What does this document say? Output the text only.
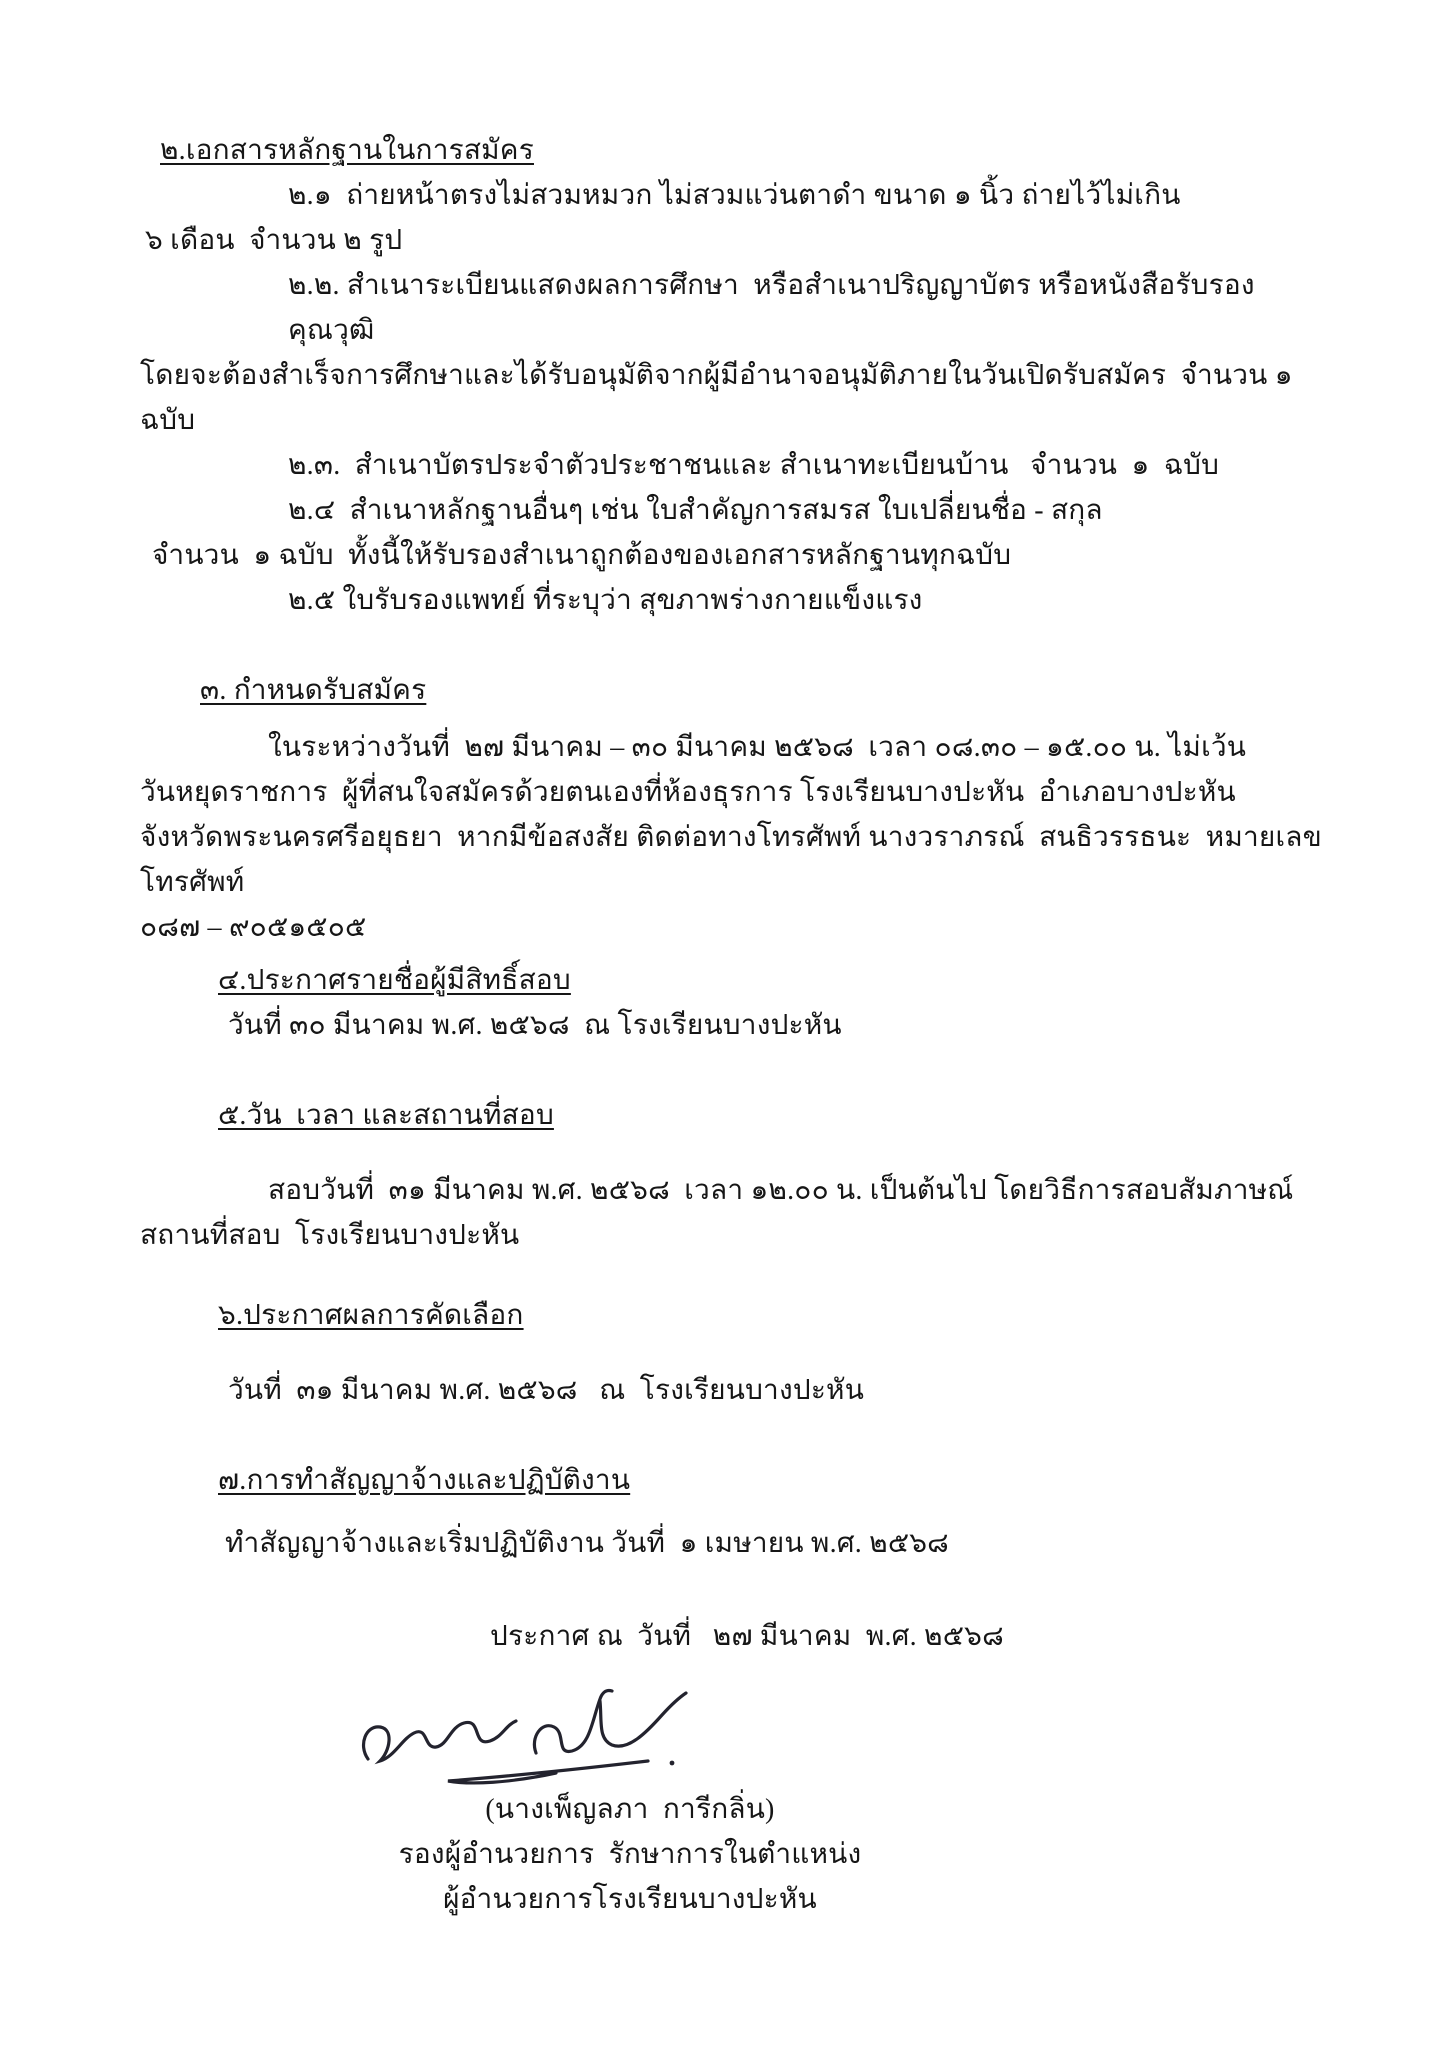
๒.เอกสารหลักฐานในการสมัคร
๒.๑  ถ่ายหน้าตรงไม่สวมหมวก ไม่สวมแว่นตาดำ ขนาด ๑ นิ้ว ถ่ายไว้ไม่เกิน
๖ เดือน  จำนวน ๒ รูป
๒.๒. สำเนาระเบียนแสดงผลการศึกษา  หรือสำเนาปริญญาบัตร หรือหนังสือรับรองคุณวุฒิ
โดยจะต้องสำเร็จการศึกษาและได้รับอนุมัติจากผู้มีอำนาจอนุมัติภายในวันเปิดรับสมัคร  จำนวน ๑ ฉบับ
๒.๓.  สำเนาบัตรประจำตัวประชาชนและ สำเนาทะเบียนบ้าน   จำนวน  ๑  ฉบับ
๒.๔  สำเนาหลักฐานอื่นๆ เช่น ใบสำคัญการสมรส ใบเปลี่ยนชื่อ - สกุล
จำนวน  ๑ ฉบับ  ทั้งนี้ให้รับรองสำเนาถูกต้องของเอกสารหลักฐานทุกฉบับ
๒.๕ ใบรับรองแพทย์ ที่ระบุว่า สุขภาพร่างกายแข็งแรง
๓. กำหนดรับสมัคร
ในระหว่างวันที่  ๒๗ มีนาคม – ๓๐ มีนาคม ๒๕๖๘  เวลา ๐๘.๓๐ – ๑๕.๐๐ น. ไม่เว้น
วันหยุดราชการ  ผู้ที่สนใจสมัครด้วยตนเองที่ห้องธุรการ โรงเรียนบางปะหัน  อำเภอบางปะหัน
จังหวัดพระนครศรีอยุธยา  หากมีข้อสงสัย ติดต่อทางโทรศัพท์ นางวราภรณ์  สนธิวรรธนะ  หมายเลขโทรศัพท์
๐๘๗ – ๙๐๕๑๕๐๕
๔.ประกาศรายชื่อผู้มีสิทธิ์สอบ
วันที่ ๓๐ มีนาคม พ.ศ. ๒๕๖๘  ณ โรงเรียนบางปะหัน
๕.วัน  เวลา และสถานที่สอบ
สอบวันที่  ๓๑ มีนาคม พ.ศ. ๒๕๖๘  เวลา ๑๒.๐๐ น. เป็นต้นไป โดยวิธีการสอบสัมภาษณ์
สถานที่สอบ  โรงเรียนบางปะหัน
๖.ประกาศผลการคัดเลือก
วันที่  ๓๑ มีนาคม พ.ศ. ๒๕๖๘   ณ  โรงเรียนบางปะหัน
๗.การทำสัญญาจ้างและปฏิบัติงาน
ทำสัญญาจ้างและเริ่มปฏิบัติงาน วันที่  ๑ เมษายน พ.ศ. ๒๕๖๘
ประกาศ ณ  วันที่   ๒๗ มีนาคม  พ.ศ. ๒๕๖๘
(นางเพ็ญลภา  การีกลิ่น)
รองผู้อำนวยการ  รักษาการในตำแหน่ง
ผู้อำนวยการโรงเรียนบางปะหัน
